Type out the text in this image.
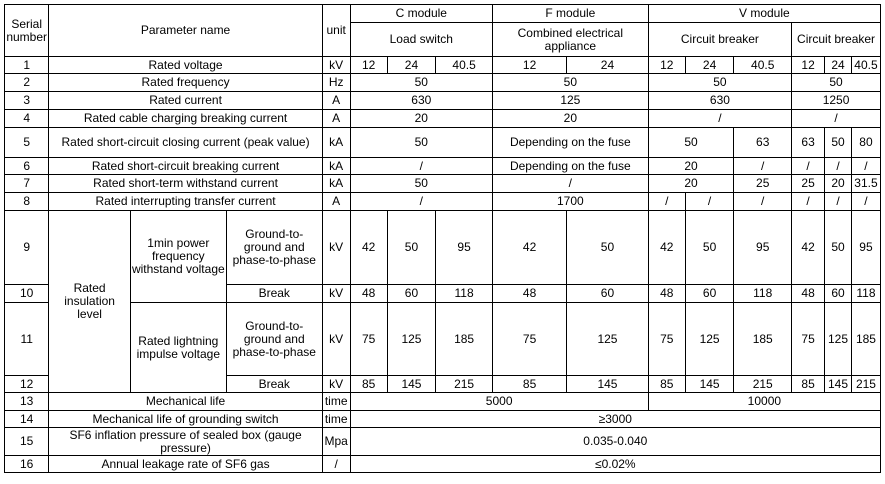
Serial number	Parameter name			unit	C module			F module		V module					
					Load switch			Combined electrical appliance		Circuit breaker			Circuit breaker		
1	Rated voltage			kV	12	24	40.5	12	24	12	24	40.5	12	24	40.5
2	Rated frequency			Hz	50			50		50			50		
3	Rated current			A	630			125		630			1250		
4	Rated cable charging breaking current			A	20			20		/			/		
5	Rated short-circuit closing current (peak value)			kA	50			Depending on the fuse		50		63	63	50	80
6	Rated short-circuit breaking current			kA	/			Depending on the fuse		20		/	/	/	/
7	Rated short-term withstand current			kA	50			/		20		25	25	20	31.5
8	Rated interrupting transfer current			A	/			1700		/	/	/	/	/	/
9	Rated insulation level	1min power frequency withstand voltage	Ground-to-ground and phase-to-phase	kV	42	50	95	42	50	42	50	95	42	50	95
10			Break	kV	48	60	118	48	60	48	60	118	48	60	118
11		Rated lightning impulse voltage	Ground-to-ground and phase-to-phase	kV	75	125	185	75	125	75	125	185	75	125	185
12			Break	kV	85	145	215	85	145	85	145	215	85	145	215
13	Mechanical life			time	5000					10000					
14	Mechanical life of grounding switch			time	≥3000										
15	SF6 inflation pressure of sealed box (gauge pressure)			Mpa	0.035-0.040										
16	Annual leakage rate of SF6 gas			/	≤0.02%										
